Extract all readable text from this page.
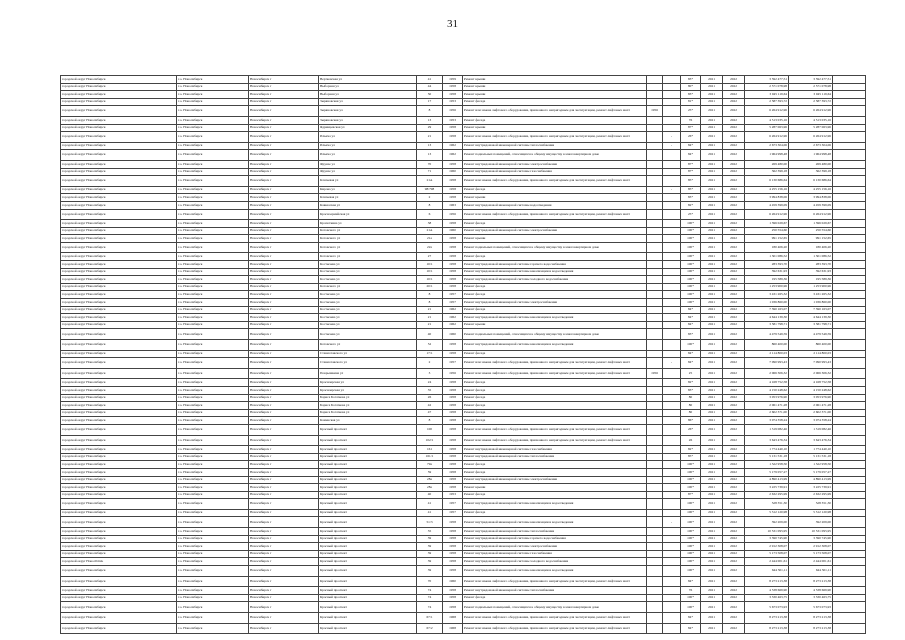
31
городской округ Новосибирск	г.о. Новосибирск	Новосибирск г	Вертковская ул	41	1959	Ремонт крыши			83*	2021	2022	3 592 477,51	3 592 477,51	
городской округ Новосибирск	г.о. Новосибирск	Новосибирск г	Выборная ул	44	1958	Ремонт крыши			80*	2021	2022	2 571 078,98	2 571 078,98	
городской округ Новосибирск	г.о. Новосибирск	Новосибирск г	Выборная ул	50	1958	Ремонт крыши			83*	2021	2022	3 045 119,64	3 045 119,64	
городской округ Новосибирск	г.о. Новосибирск	Новосибирск г	Зыряновская ул	17	1953	Ремонт фасада			81*	2021	2022	2 587 393,72	2 587 393,72	
городской округ Новосибирск	г.о. Новосибирск	Новосибирск г	Зыряновская ул	8	1956	Ремонт или замена лифтового оборудования, признанного непригодным для эксплуатации, ремонт лифтовых шахт	1956		25*	2021	2022	6 264 912,96	6 264 912,96	
городской округ Новосибирск	г.о. Новосибирск	Новосибирск г	Зыряновская ул	13	1953	Ремонт фасада			76	2021	2022	4 513 035,16	4 513 035,16	
городской округ Новосибирск	г.о. Новосибирск	Новосибирск г	Ядринцевская ул	29	1958	Ремонт крыши			87*	2021	2022	5 287 063,96	5 287 063,96	
городской округ Новосибирск	г.о. Новосибирск	Новосибирск г	Ильича ул	21	1958	Ремонт или замена лифтового оборудования, признанного непригодным для эксплуатации, ремонт лифтовых шахт		-	26*	2021	2022	6 264 912,96	6 264 912,96	
городской округ Новосибирск	г.о. Новосибирск	Новосибирск г	Ильича ул	13	1962	Ремонт внутридомовой инженерной системы теплоснабжения		-	84*	2021	2022	2 673 304,06	2 673 304,06	
городской округ Новосибирск	г.о. Новосибирск	Новосибирск г	Ильича ул	13	1962	Ремонт подвальных помещений, относящихся к общему имуществу в многоквартирном доме			84*	2021	2022	1 964 998,48	1 964 998,48	
городской округ Новосибирск	г.о. Новосибирск	Новосибирск г	Фрунзе ул	70	1958	Ремонт внутридомовой инженерной системы электроснабжения			87*	2021	2022	269 480,00	269 480,00	
городской округ Новосибирск	г.о. Новосибирск	Новосибирск г	Фрунзе ул	71	1960	Ремонт внутридомовой инженерной системы газоснабжения			87*	2021	2022	362 399,18	362 399,18	
городской округ Новосибирск	г.о. Новосибирск	Новосибирск г	Ключевая ул	21А	1958	Ремонт или замена лифтового оборудования, признанного непригодным для эксплуатации, ремонт лифтовых шахт			85*	2021	2022	6 130 686,64	6 130 686,64	
городской округ Новосибирск	г.о. Новосибирск	Новосибирск г	Кирова ул	98/798	1958	Ремонт фасада		-	85*	2021	2022	4 255 156,16	4 255 156,16	
городской округ Новосибирск	г.о. Новосибирск	Новосибирск г	Ключевая ул	2	1958	Ремонт крыши			83*	2021	2022	3 994 838,06	3 994 838,06	
городской округ Новосибирск	г.о. Новосибирск	Новосибирск г	Кавказская ул	8	1963	Ремонт внутридомовой инженерной системы водоотведения			82*	2021	2022	4 459 399,09	4 459 399,09	
городской округ Новосибирск	г.о. Новосибирск	Новосибирск г	Красноармейская ул	6	1956	Ремонт или замена лифтового оборудования, признанного непригодным для эксплуатации, ремонт лифтовых шахт			25*	2021	2022	6 264 912,96	6 264 912,96	
городской округ Новосибирск	г.о. Новосибирск	Новосибирск г	Кропоткина ул	38	1958	Ремонт фасада			100*	2021	2022	1 396 029,67	1 396 029,67	
городской округ Новосибирск	г.о. Новосибирск	Новосибирск г	Котовского ул	21А	1960	Ремонт внутридомовой инженерной системы электроснабжения			100*	2021	2022	250 554,60	250 554,60	
городской округ Новосибирск	г.о. Новосибирск	Новосибирск г	Котовского ул	21а	1958	Ремонт крыши			100*	2021	2022	991 152,65	991 152,65	
городской округ Новосибирск	г.о. Новосибирск	Новосибирск г	Котовского ул	22а	1958	Ремонт подвальных помещений, относящихся к общему имуществу в многоквартирном доме			100*	2021	2022	180 406,20	180 406,20	
городской округ Новосибирск	г.о. Новосибирск	Новосибирск г	Котовского ул	27	1958	Ремонт фасада			100*	2021	2022	1 301 086,52	1 301 086,52	
городской округ Новосибирск	г.о. Новосибирск	Новосибирск г	Костычева ул	10/1	1958	Ремонт внутридомовой инженерной системы горячего водоснабжения			100*	2021	2022	283 393,70	283 393,70	
городской округ Новосибирск	г.о. Новосибирск	Новосибирск г	Костычева ул	10/1	1958	Ремонт внутридомовой инженерной системы канализации и водоотведения			100*	2021	2022	392 631,93	392 631,93	
городской округ Новосибирск	г.о. Новосибирск	Новосибирск г	Костычева ул	10/1	1958	Ремонт внутридомовой инженерной системы холодного водоснабжения			100*	2021	2022	195 589,36	195 589,36	
городской округ Новосибирск	г.о. Новосибирск	Новосибирск г	Котовского ул	20/1	1958	Ремонт фасада			100*	2021	2022	1 253 900,96	1 253 900,96	
городской округ Новосибирск	г.о. Новосибирск	Новосибирск г	Костычева ул	8	1957	Ремонт фасада			100*	2021	2022	3 431 265,32	3 431 265,32	
городской округ Новосибирск	г.о. Новосибирск	Новосибирск г	Костычева ул	8	1957	Ремонт внутридомовой инженерной системы электроснабжения			100*	2021	2022	1 036 860,00	1 036 860,00	
городской округ Новосибирск	г.о. Новосибирск	Новосибирск г	Костычева ул	21	1962	Ремонт фасада			84*	2021	2022	7 390 163,07	7 390 163,07	
городской округ Новосибирск	г.о. Новосибирск	Новосибирск г	Костычева ул	21	1962	Ремонт внутридомовой инженерной системы канализации и водоотведения			84*	2021	2022	4 644 139,30	4 644 139,30	
городской округ Новосибирск	г.о. Новосибирск	Новосибирск г	Костычева ул	21	1962	Ремонт крыши			84*	2021	2022	3 581 798,71	3 581 798,71	
городской округ Новосибирск	г.о. Новосибирск	Новосибирск г	Костычева ул	40	1960	Ремонт подвальных помещений, относящихся к общему имуществу в многоквартирном доме			83*	2021	2022	4 479 549,59	4 479 549,59	
городской округ Новосибирск	г.о. Новосибирск	Новосибирск г	Котовского ул	52	1958	Ремонт внутридомовой инженерной системы канализации и водоотведения			100*	2021	2022	860 400,00	860 400,00	
городской округ Новосибирск	г.о. Новосибирск	Новосибирск г	Станиславского ул	17/1	1958	Ремонт фасада			84*	2021	2022	2 114 800,03	2 114 800,03	
городской округ Новосибирск	г.о. Новосибирск	Новосибирск г	Станиславского ул	2	1957	Ремонт или замена лифтового оборудования, признанного непригодным для эксплуатации, ремонт лифтовых шахт		-	84*	2021	2022	7 090 993,43	7 090 993,43	
городской округ Новосибирск	г.о. Новосибирск	Новосибирск г	Покрышкина ул	3	1956	Ремонт или замена лифтового оборудования, признанного непригодным для эксплуатации, ремонт лифтовых шахт	1956		25	2021	2022	2 066 306,32	2 066 306,32	
городской округ Новосибирск	г.о. Новосибирск	Новосибирск г	Красноярская ул	24	1958	Ремонт фасада			82*	2021	2022	4 168 752,58	4 168 752,58	
городской округ Новосибирск	г.о. Новосибирск	Новосибирск г	Красноярская ул	35	1958	Ремонт фасада			83*	2021	2022	4 150 248,62	4 150 248,62	
городской округ Новосибирск	г.о. Новосибирск	Новосибирск г	Бориса Богаткова ул	26	1958	Ремонт фасада			80	2021	2022	3 053 976,90	3 053 976,90	
городской округ Новосибирск	г.о. Новосибирск	Новосибирск г	Бориса Богаткова ул	42	1958	Ремонт фасада			80	2021	2022	2 061 471,28	2 061 471,28	
городской округ Новосибирск	г.о. Новосибирск	Новосибирск г	Бориса Богаткова ул	47	1958	Ремонт фасада			80	2021	2022	2 602 371,00	2 602 371,00	
городской округ Новосибирск	г.о. Новосибирск	Новосибирск г	Каменская ул	8	1958	Ремонт фасада			86*	2021	2022	3 074 358,24	3 074 358,24	
городской округ Новосибирск	г.о. Новосибирск	Новосибирск г	Красный проспект	100	1958	Ремонт или замена лифтового оборудования, признанного непригодным для эксплуатации, ремонт лифтовых шахт			26*	2021	2022	1 319 082,46	1 319 082,46	
городской округ Новосибирск	г.о. Новосибирск	Новосибирск г	Красный проспект	102/1	1958	Ремонт или замена лифтового оборудования, признанного непригодным для эксплуатации, ремонт лифтовых шахт			26	2021	2022	3 643 476,34	3 643 476,34	
городской округ Новосибирск	г.о. Новосибирск	Новосибирск г	Красный проспект	161	1958	Ремонт внутридомовой инженерной системы газоснабжения			82*	2021	2022	1 774 440,10	1 774 440,10	
городской округ Новосибирск	г.о. Новосибирск	Новосибирск г	Красный проспект	161/1	1958	Ремонт внутридомовой инженерной системы теплоснабжения			85*	2021	2022	5 131 531,18	5 131 531,18	
городской округ Новосибирск	г.о. Новосибирск	Новосибирск г	Красный проспект	79а	1958	Ремонт фасада			100*	2021	2022	1 322 958,50	1 322 958,50	
городской округ Новосибирск	г.о. Новосибирск	Новосибирск г	Красный проспект	59	1958	Ремонт фасада			100*	2021	2022	5 179 057,27	5 179 057,27	
городской округ Новосибирск	г.о. Новосибирск	Новосибирск г	Красный проспект	28а	1958	Ремонт внутридомовой инженерной системы электроснабжения			100*	2021	2022	4 890 413,99	4 890 413,99	
городской округ Новосибирск	г.о. Новосибирск	Новосибирск г	Красный проспект	28а	1958	Ремонт крыши			100*	2021	2022	3 225 739,91	3 225 739,91	
городской округ Новосибирск	г.о. Новосибирск	Новосибирск г	Красный проспект	40	1953	Ремонт фасада			87*	2021	2022	2 632 295,99	2 632 295,99	
городской округ Новосибирск	г.о. Новосибирск	Новосибирск г	Красный проспект	41	1957	Ремонт внутридомовой инженерной системы канализации и водоотведения			100*	2021	2022	528 351,30	528 351,30	
городской округ Новосибирск	г.о. Новосибирск	Новосибирск г	Красный проспект	41	1957	Ремонт фасада			100*	2021	2022	5 312 120,98	5 312 120,98	
городской округ Новосибирск	г.о. Новосибирск	Новосибирск г	Красный проспект	51/3	1958	Ремонт внутридомовой инженерной системы канализации и водоотведения		-	100*	2021	2022	392 209,00	392 209,00	
городской округ Новосибирск	г.о. Новосибирск	Новосибирск г	Красный проспект	35	1958	Ремонт внутридомовой инженерной системы теплоснабжения			100*	2021	2022	10 531 095,95	10 531 095,95	
городской округ Новосибирск	г.о. Новосибирск	Новосибирск г	Красный проспект	39	1958	Ремонт внутридомовой инженерной системы горячего водоснабжения			100*	2021	2022	3 390 745,90	3 390 745,90	
городской округ Новосибирск	г.о. Новосибирск	Новосибирск г	Красный проспект	39	1958	Ремонт внутридомовой инженерной системы электроснабжения			100*	2021	2022	2 912 308,07	2 912 308,07	
городской округ Новосибирск	г.о. Новосибирск	Новосибирск г	Красный проспект	39	1958	Ремонт внутридомовой инженерной системы газоснабжения			100*	2021	2022	5 173 508,07	5 173 508,07	
городской округ Новосibirsk	г.о. Новосибирск	Новосибирск г	Красный проспект	39	1958	Ремонт внутридомовой инженерной системы холодного водоснабжения			100*	2021	2022	2 444 001,61	2 444 001,61	
городской округ Новосибирск	г.о. Новосибирск	Новосибирск г	Красный проспект	39	1958	Ремонт внутридомовой инженерной системы канализации и водоотведения			100*	2021	2022	644 301,11	644 301,11	
городской округ Новосибирск	г.о. Новосибирск	Новосибирск г	Красный проспект	70	1960	Ремонт или замена лифтового оборудования, признанного непригодным для эксплуатации, ремонт лифтовых шахт			84*	2021	2022	8 273 213,38	8 273 213,38	
городской округ Новосибирск	г.о. Новосибирск	Новосибирск г	Красный проспект	74	1958	Ремонт внутридомовой инженерной системы теплоснабжения			76	2021	2022	4 538 669,90	4 538 669,90	
городской округ Новосибирск	г.о. Новосибирск	Новосибирск г	Красный проспект	74	1958	Ремонт фасада			100*	2021	2022	3 330 463,75	3 330 463,75	
городской округ Новосибирск	г.о. Новосибирск	Новосибирск г	Красный проспект	74	1958	Ремонт подвальных помещений, относящихся к общему имуществу в многоквартирном доме			100*	2021	2022	5 673 073,93	5 673 073,93	
городской округ Новосибирск	г.о. Новосибирск	Новосибирск г	Красный проспект	67/1	1968	Ремонт или замена лифтового оборудования, признанного непригодным для эксплуатации, ремонт лифтовых шахт			84*	2021	2022	8 273 213,38	8 273 213,38	
городской округ Новосибирск	г.о. Новосибирск	Новосибирск г	Красный проспект	67/2	1968	Ремонт или замена лифтового оборудования, признанного непригодным для эксплуатации, ремонт лифтовых шахт			84*	2021	2022	8 273 213,38	8 273 213,38	
